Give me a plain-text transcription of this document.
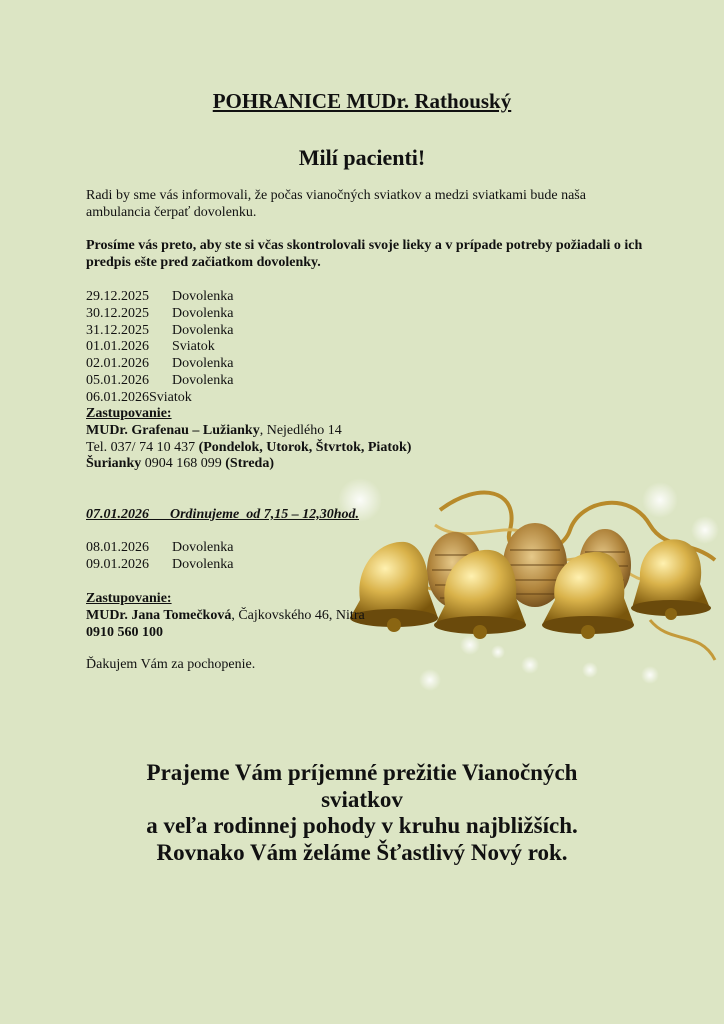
POHRANICE MUDr. Rathouský
Milí pacienti!
Radi by sme vás informovali, že počas vianočných sviatkov a medzi sviatkami bude naša ambulancia čerpať dovolenku.
Prosíme vás preto, aby ste si včas skontrolovali svoje lieky a v prípade potreby požiadali o ich predpis ešte pred začiatkom dovolenky.
29.12.2025	Dovolenka
30.12.2025	Dovolenka
31.12.2025	Dovolenka
01.01.2026	Sviatok
02.01.2026	Dovolenka
05.01.2026	Dovolenka
06.01.2026 Sviatok
Zastupovanie:
MUDr. Grafenau – Lužianky, Nejedlého 14
Tel. 037/ 74 10 437 (Pondelok, Utorok, Štvrtok, Piatok)
Šurianky 0904 168 099 (Streda)
07.01.2026 Ordinujeme  od 7,15 – 12,30hod.
08.01.2026	Dovolenka
09.01.2026	Dovolenka
Zastupovanie:
MUDr. Jana Tomečková, Čajkovského 46, Nitra
0910 560 100
Ďakujem Vám za pochopenie.
Prajeme Vám príjemné prežitie Vianočných
sviatkov
a veľa rodinnej pohody v kruhu najbližších.
Rovnako Vám želáme Šťastlivý Nový rok.
